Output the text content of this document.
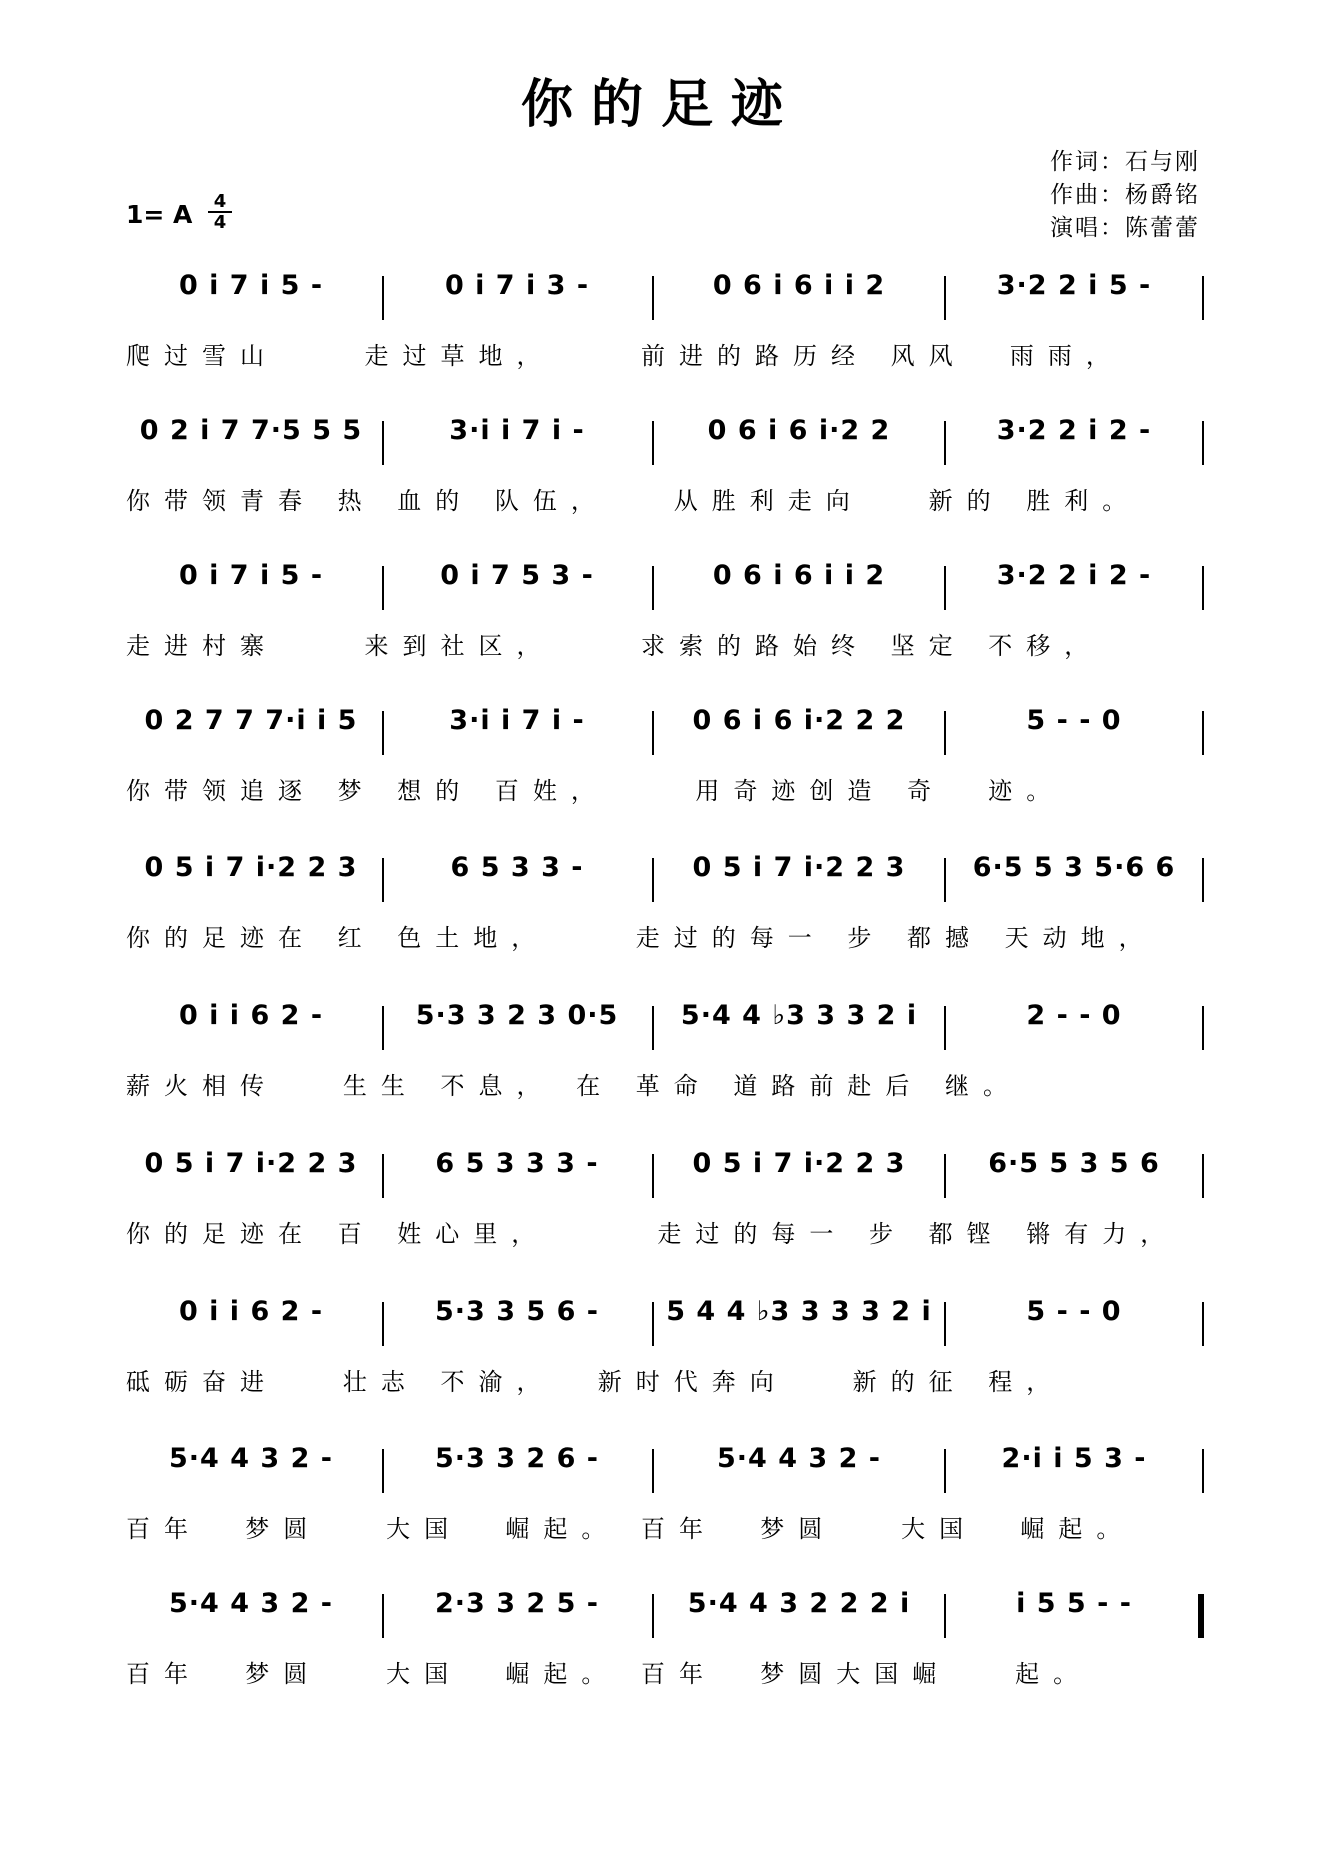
你的足迹
作词：石与刚
作曲：杨爵铭
演唱：陈蕾蕾
1= A	4
4
0 i 7 i 5 -	0 i 7 i 3 -	0 6 i 6 i i 2	3·2 2 i 5 -
爬过雪山    走过草地，    前进的路历经 风风  雨雨，
0 2 i 7 7·5 5 5	3·i i 7 i -	0 6 i 6 i·2 2	3·2 2 i 2 -
你带领青春 热 血的 队伍，   从胜利走向   新的 胜利。
0 i 7 i 5 -	0 i 7 5 3 -	0 6 i 6 i i 2	3·2 2 i 2 -
走进村寨    来到社区，    求索的路始终 坚定 不移，
0 2 7 7 7·i i 5	3·i i 7 i -	0 6 i 6 i·2 2 2	5 - - 0
你带领追逐 梦 想的 百姓，    用奇迹创造 奇  迹。
0 5 i 7 i·2 2 3	6 5 3 3 -	0 5 i 7 i·2 2 3	6·5 5 3 5·6 6
你的足迹在 红 色土地，    走过的每一 步 都撼 天动地，
0 i i 6 2 -	5·3 3 2 3 0·5	5·4 4 ♭3 3 3 2 i	2 - - 0
薪火相传   生生 不息， 在 革命 道路前赴后 继。
0 5 i 7 i·2 2 3	6 5 3 3 3 -	0 5 i 7 i·2 2 3	6·5 5 3 5 6
你的足迹在 百 姓心里，     走过的每一 步 都铿 锵有力，
0 i i 6 2 -	5·3 3 5 6 -	5 4 4 ♭3 3 3 3 2 i	5 - - 0
砥砺奋进   壮志 不渝，  新时代奔向   新的征 程，
5·4 4 3 2 -	5·3 3 2 6 -	5·4 4 3 2 -	2·i i 5 3 -
百年  梦圆   大国  崛起。 百年  梦圆   大国  崛起。
5·4 4 3 2 -	2·3 3 2 5 -	5·4 4 3 2 2 2 i	i 5 5 - -
百年  梦圆   大国  崛起。 百年  梦圆大国崛   起。
